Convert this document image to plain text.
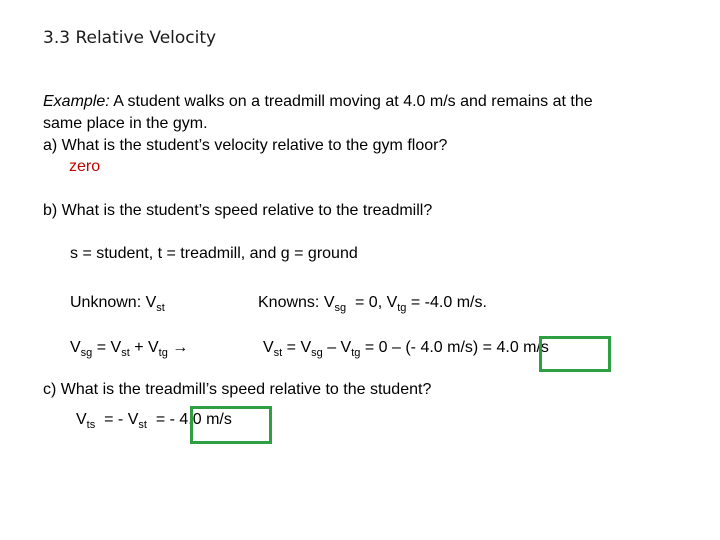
3.3 Relative Velocity
Example: A student walks on a treadmill moving at 4.0 m/s and remains at the
same place in the gym.
a) What is the student’s velocity relative to the gym floor?
zero
b) What is the student’s speed relative to the treadmill?
s = student, t = treadmill, and g = ground
Unknown: $V_{st}$	Knowns: $V_{sg} = 0$, $V_{tg} = -4.0$ m/s.
$V_{sg} = V_{st} + V_{tg}$ →	$V_{st} = V_{sg} - V_{tg} = 0$ – (- 4.0 m/s) = 4.0 m/s
c) What is the treadmill’s speed relative to the student?
$V_{ts}$  = - $V_{st}$  = - 4.0 m/s
